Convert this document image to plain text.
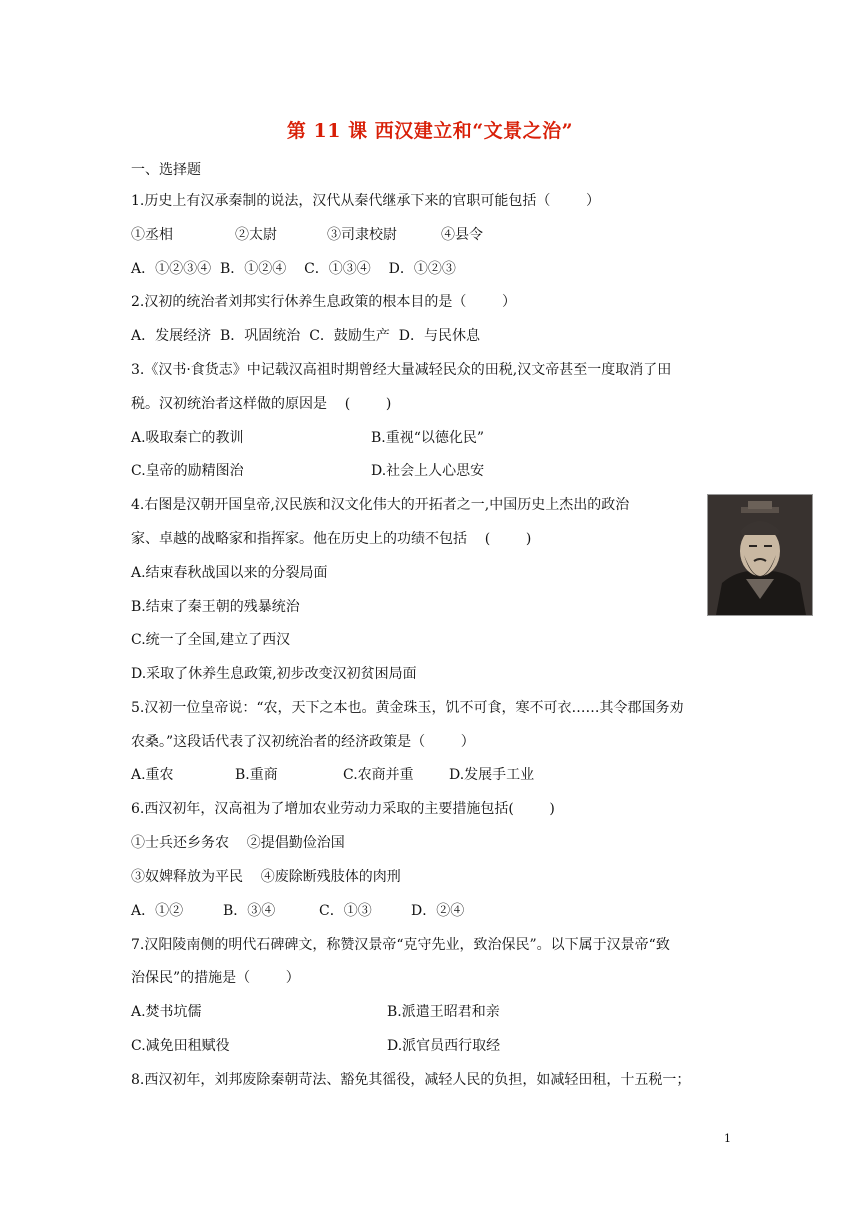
第 11 课 西汉建立和“文景之治”
一、选择题
1.历史上有汉承秦制的说法，汉代从秦代继承下来的官职可能包括（        ）
①丞相	②太尉	③司隶校尉	④县令
A．①②③④  B．①②④    C．①③④    D．①②③
2.汉初的统治者刘邦实行休养生息政策的根本目的是（        ）
A．发展经济  B．巩固统治  C．鼓励生产  D．与民休息
3.《汉书·食货志》中记载汉高祖时期曾经大量减轻民众的田税,汉文帝甚至一度取消了田
税。汉初统治者这样做的原因是    (        )
A.吸取秦亡的教训	B.重视“以德化民”
C.皇帝的励精图治	D.社会上人心思安
4.右图是汉朝开国皇帝,汉民族和汉文化伟大的开拓者之一,中国历史上杰出的政治
家、卓越的战略家和指挥家。他在历史上的功绩不包括    (        )
A.结束春秋战国以来的分裂局面
B.结束了秦王朝的残暴统治
C.统一了全国,建立了西汉
D.采取了休养生息政策,初步改变汉初贫困局面
5.汉初一位皇帝说：“农，天下之本也。黄金珠玉，饥不可食，寒不可衣……其令郡国务劝
农桑。”这段话代表了汉初统治者的经济政策是（        ）
A.重农	B.重商	C.农商并重	D.发展手工业
6.西汉初年，汉高祖为了增加农业劳动力采取的主要措施包括(        )
①士兵还乡务农    ②提倡勤俭治国
③奴婢释放为平民    ④废除断残肢体的肉刑
A．①②	B．③④	C．①③	D．②④
7.汉阳陵南侧的明代石碑碑文，称赞汉景帝“克守先业，致治保民”。以下属于汉景帝“致
治保民”的措施是（        ）
A.焚书坑儒	B.派遣王昭君和亲
C.减免田租赋役	D.派官员西行取经
8.西汉初年，刘邦废除秦朝苛法、豁免其徭役，减轻人民的负担，如减轻田租，十五税一；
1
